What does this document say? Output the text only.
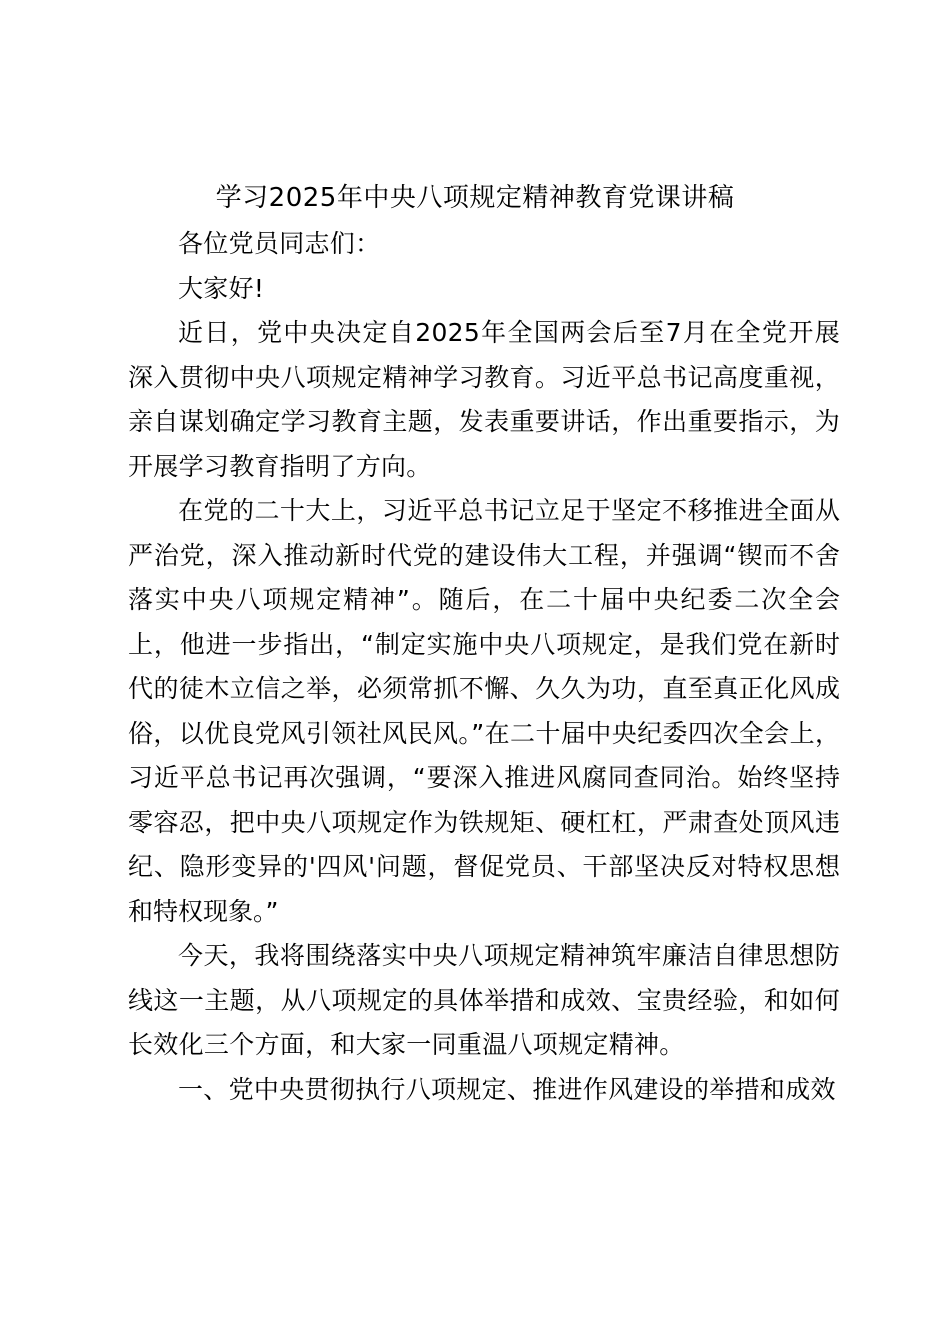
学习2025年中央八项规定精神教育党课讲稿

各位党员同志们：

大家好!

近日，党中央决定自2025年全国两会后至7月在全党开展深入贯彻中央八项规定精神学习教育。习近平总书记高度重视，亲自谋划确定学习教育主题，发表重要讲话，作出重要指示，为开展学习教育指明了方向。

在党的二十大上，习近平总书记立足于坚定不移推进全面从严治党，深入推动新时代党的建设伟大工程，并强调“锲而不舍落实中央八项规定精神”。随后，在二十届中央纪委二次全会上，他进一步指出，“制定实施中央八项规定，是我们党在新时代的徒木立信之举，必须常抓不懈、久久为功，直至真正化风成俗，以优良党风引领社风民风。”在二十届中央纪委四次全会上，习近平总书记再次强调，“要深入推进风腐同查同治。始终坚持零容忍，把中央八项规定作为铁规矩、硬杠杠，严肃查处顶风违纪、隐形变异的'四风'问题，督促党员、干部坚决反对特权思想和特权现象。”

今天，我将围绕落实中央八项规定精神筑牢廉洁自律思想防线这一主题，从八项规定的具体举措和成效、宝贵经验，和如何长效化三个方面，和大家一同重温八项规定精神。

一、党中央贯彻执行八项规定、推进作风建设的举措和成效
